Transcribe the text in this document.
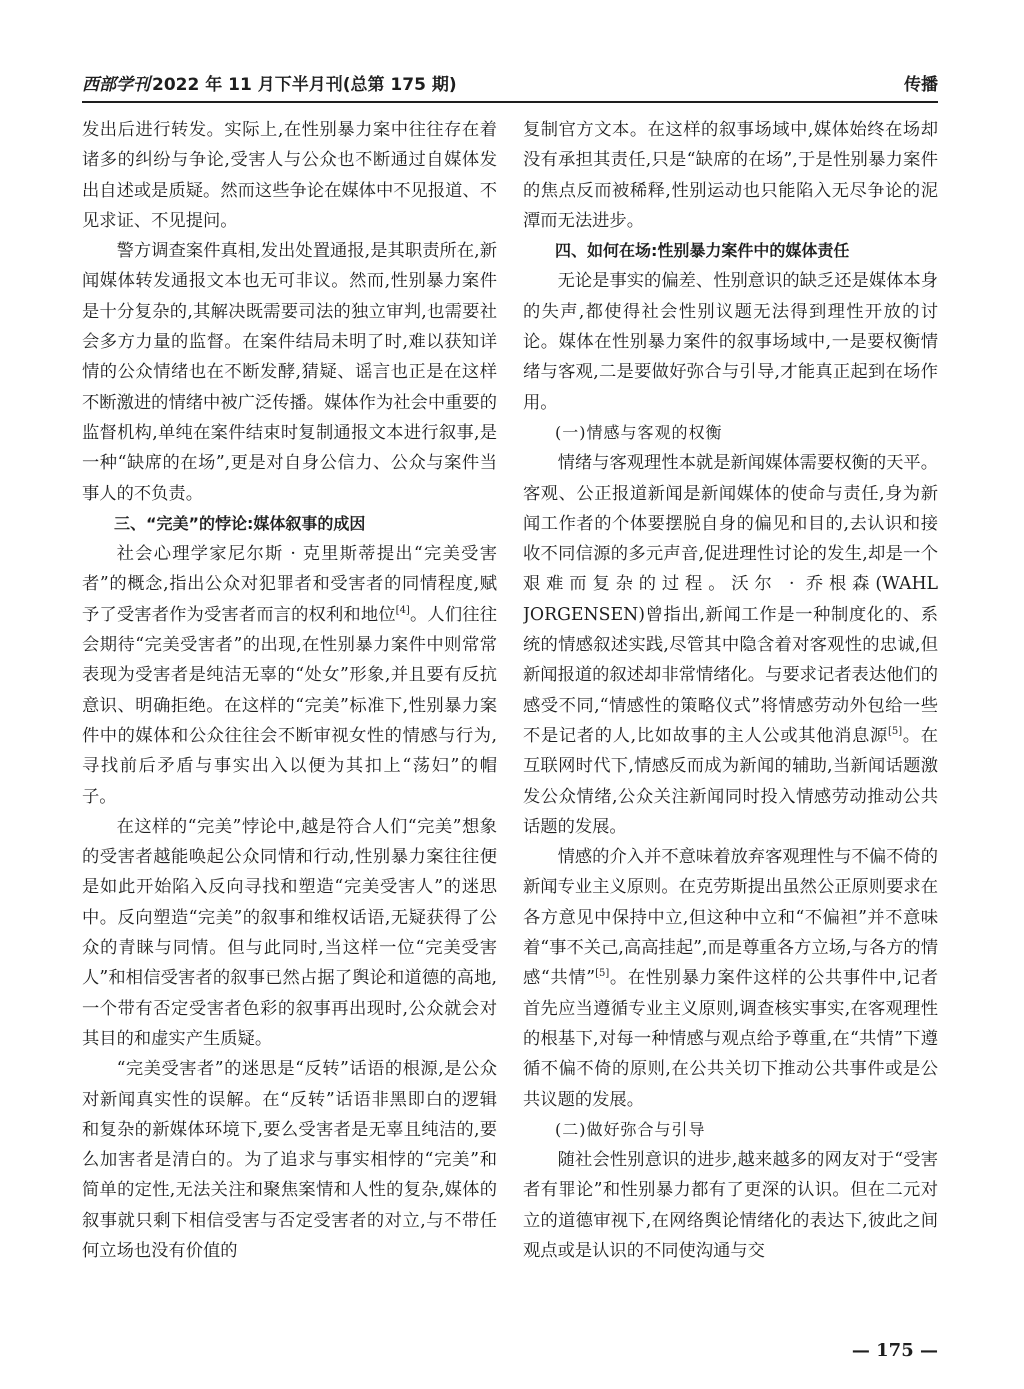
西部学刊 2022 年 11 月下半月刊(总第 175 期)	传播

发出后进行转发。实际上,在性别暴力案中往往存在着诸多的纠纷与争论,受害人与公众也不断通过自媒体发出自述或是质疑。然而这些争论在媒体中不见报道、不见求证、不见提问。

警方调查案件真相,发出处置通报,是其职责所在,新闻媒体转发通报文本也无可非议。然而,性别暴力案件是十分复杂的,其解决既需要司法的独立审判,也需要社会多方力量的监督。在案件结局未明了时,难以获知详情的公众情绪也在不断发酵,猜疑、谣言也正是在这样不断激进的情绪中被广泛传播。媒体作为社会中重要的监督机构,单纯在案件结束时复制通报文本进行叙事,是一种“缺席的在场”,更是对自身公信力、公众与案件当事人的不负责。

三、“完美”的悖论:媒体叙事的成因

社会心理学家尼尔斯 · 克里斯蒂提出“完美受害者”的概念,指出公众对犯罪者和受害者的同情程度,赋予了受害者作为受害者而言的权利和地位[4]。人们往往会期待“完美受害者”的出现,在性别暴力案件中则常常表现为受害者是纯洁无辜的“处女”形象,并且要有反抗意识、明确拒绝。在这样的“完美”标准下,性别暴力案件中的媒体和公众往往会不断审视女性的情感与行为,寻找前后矛盾与事实出入以便为其扣上“荡妇”的帽子。

在这样的“完美”悖论中,越是符合人们“完美”想象的受害者越能唤起公众同情和行动,性别暴力案往往便是如此开始陷入反向寻找和塑造“完美受害人”的迷思中。反向塑造“完美”的叙事和维权话语,无疑获得了公众的青睐与同情。但与此同时,当这样一位“完美受害人”和相信受害者的叙事已然占据了舆论和道德的高地,一个带有否定受害者色彩的叙事再出现时,公众就会对其目的和虚实产生质疑。

“完美受害者”的迷思是“反转”话语的根源,是公众对新闻真实性的误解。在“反转”话语非黑即白的逻辑和复杂的新媒体环境下,要么受害者是无辜且纯洁的,要么加害者是清白的。为了追求与事实相悖的“完美”和简单的定性,无法关注和聚焦案情和人性的复杂,媒体的叙事就只剩下相信受害与否定受害者的对立,与不带任何立场也没有价值的

复制官方文本。在这样的叙事场域中,媒体始终在场却没有承担其责任,只是“缺席的在场”,于是性别暴力案件的焦点反而被稀释,性别运动也只能陷入无尽争论的泥潭而无法进步。

四、如何在场:性别暴力案件中的媒体责任

无论是事实的偏差、性别意识的缺乏还是媒体本身的失声,都使得社会性别议题无法得到理性开放的讨论。媒体在性别暴力案件的叙事场域中,一是要权衡情绪与客观,二是要做好弥合与引导,才能真正起到在场作用。

(一)情感与客观的权衡

情绪与客观理性本就是新闻媒体需要权衡的天平。客观、公正报道新闻是新闻媒体的使命与责任,身为新闻工作者的个体要摆脱自身的偏见和目的,去认识和接收不同信源的多元声音,促进理性讨论的发生,却是一个艰难而复杂的过程。沃尔 · 乔根森(WAHL JORGENSEN)曾指出,新闻工作是一种制度化的、系统的情感叙述实践,尽管其中隐含着对客观性的忠诚,但新闻报道的叙述却非常情绪化。与要求记者表达他们的感受不同,“情感性的策略仪式”将情感劳动外包给一些不是记者的人,比如故事的主人公或其他消息源[5]。在互联网时代下,情感反而成为新闻的辅助,当新闻话题激发公众情绪,公众关注新闻同时投入情感劳动推动公共话题的发展。

情感的介入并不意味着放弃客观理性与不偏不倚的新闻专业主义原则。在克劳斯提出虽然公正原则要求在各方意见中保持中立,但这种中立和“不偏袒”并不意味着“事不关己,高高挂起”,而是尊重各方立场,与各方的情感“共情”[5]。在性别暴力案件这样的公共事件中,记者首先应当遵循专业主义原则,调查核实事实,在客观理性的根基下,对每一种情感与观点给予尊重,在“共情”下遵循不偏不倚的原则,在公共关切下推动公共事件或是公共议题的发展。

(二)做好弥合与引导

随社会性别意识的进步,越来越多的网友对于“受害者有罪论”和性别暴力都有了更深的认识。但在二元对立的道德审视下,在网络舆论情绪化的表达下,彼此之间观点或是认识的不同使沟通与交

— 175 —
